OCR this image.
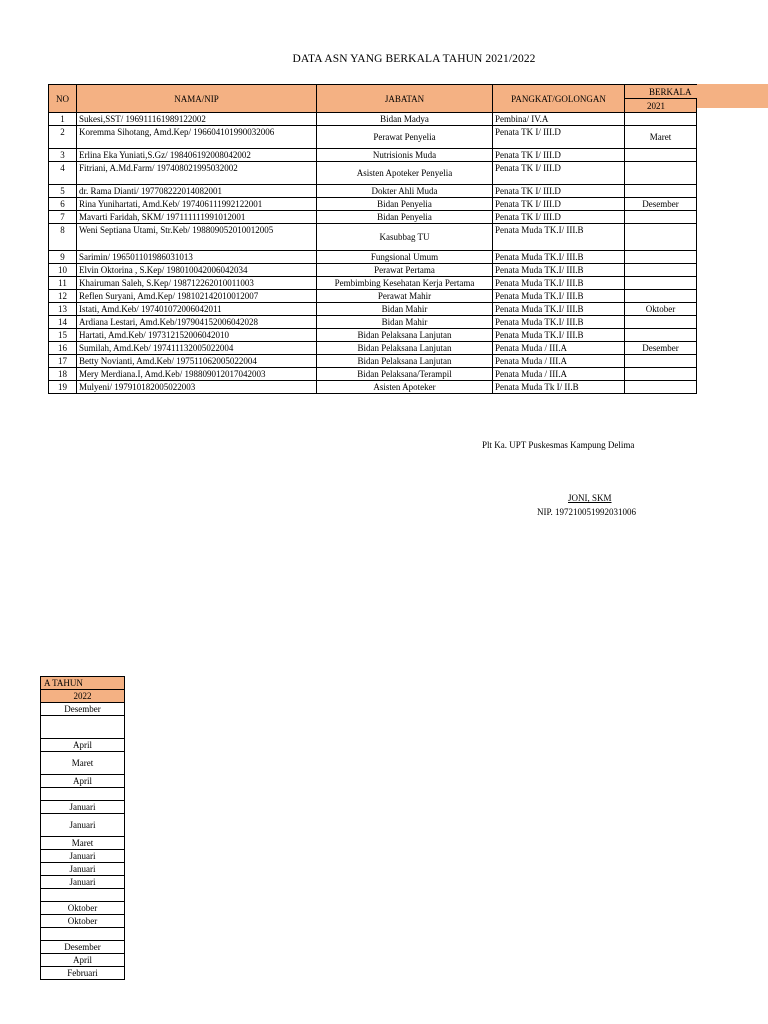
DATA ASN YANG BERKALA TAHUN 2021/2022
NO	NAMA/NIP	JABATAN	PANGKAT/GOLONGAN	BERKALA
				2021
1	Sukesi,SST/ 196911161989122002	Bidan Madya	Pembina/ IV.A	
2	Koremma Sihotang, Amd.Kep/ 196604101990032006	Perawat Penyelia	Penata TK I/ III.D	Maret
3	Erlina Eka Yuniati,S.Gz/ 198406192008042002	Nutrisionis Muda	Penata TK I/ III.D	
4	Fitriani, A.Md.Farm/ 197408021995032002	Asisten Apoteker Penyelia	Penata TK I/ III.D	
5	dr. Rama Dianti/ 197708222014082001	Dokter Ahli Muda	Penata TK I/ III.D	
6	Rina Yunihartati, Amd.Keb/ 197406111992122001	Bidan Penyelia	Penata TK I/ III.D	Desember
7	Mavarti Faridah, SKM/ 197111111991012001	Bidan Penyelia	Penata TK I/ III.D	
8	Weni Septiana Utami, Str.Keb/ 198809052010012005	Kasubbag TU	Penata Muda TK.I/ III.B	
9	Sarimin/ 196501101986031013	Fungsional Umum	Penata Muda TK.I/ III.B	
10	Elvin Oktorina , S.Kep/ 198010042006042034	Perawat Pertama	Penata Muda TK.I/ III.B	
11	Khairuman Saleh, S.Kep/ 198712262010011003	Pembimbing Kesehatan Kerja Pertama	Penata Muda TK.I/ III.B	
12	Reflen Suryani, Amd.Kep/ 198102142010012007	Perawat Mahir	Penata Muda TK.I/ III.B	
13	Istati, Amd.Keb/ 197401072006042011	Bidan Mahir	Penata Muda TK.I/ III.B	Oktober
14	Ardiana Lestari, Amd.Keb/197904152006042028	Bidan Mahir	Penata Muda TK.I/ III.B	
15	Hartati, Amd.Keb/ 197312152006042010	Bidan Pelaksana Lanjutan	Penata Muda TK.I/ III.B	
16	Sumilah, Amd.Keb/ 197411132005022004	Bidan Pelaksana Lanjutan	Penata Muda / III.A	Desember
17	Betty Novianti, Amd.Keb/ 197511062005022004	Bidan Pelaksana Lanjutan	Penata Muda / III.A	
18	Mery Merdiana.I, Amd.Keb/ 198809012017042003	Bidan Pelaksana/Terampil	Penata Muda / III.A	
19	Mulyeni/ 197910182005022003	Asisten Apoteker	Penata Muda Tk I/ II.B	
Plt Ka. UPT Puskesmas Kampung Delima
JONI, SKM
NIP. 197210051992031006
A TAHUN
2022
Desember

April
Maret
April

Januari
Januari
Maret
Januari
Januari
Januari

Oktober
Oktober

Desember
April
Februari
